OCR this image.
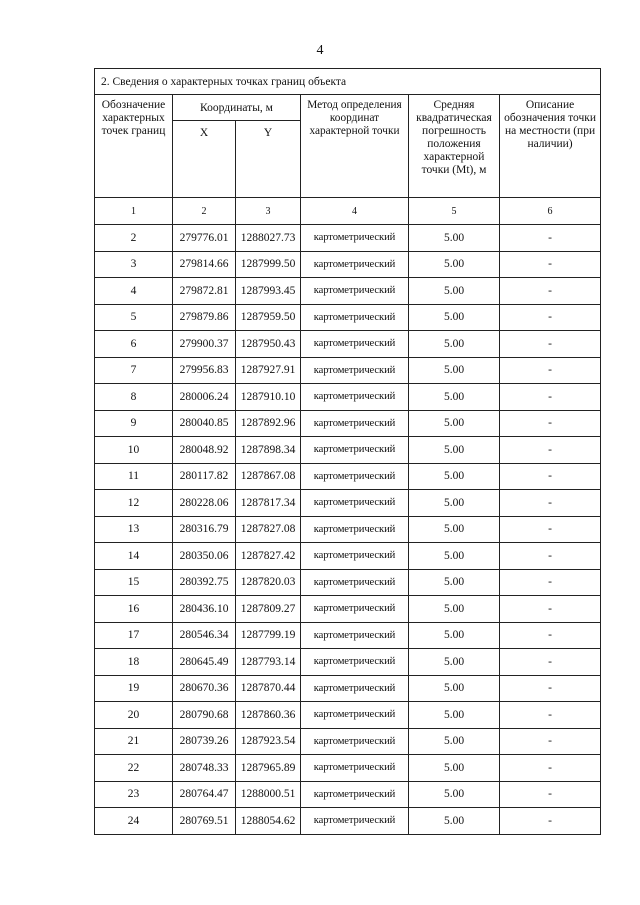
4
2. Сведения о характерных точках границ объекта					
Обозначение характерных точек границ	Координаты, м		Метод определения координат характерной точки	Средняя квадратическая погрешность положения характерной точки (Mt), м	Описание обозначения точки на местности (при наличии)
	X	Y			
1	2	3	4	5	6
2	279776.01	1288027.73	картометрический	5.00	-
3	279814.66	1287999.50	картометрический	5.00	-
4	279872.81	1287993.45	картометрический	5.00	-
5	279879.86	1287959.50	картометрический	5.00	-
6	279900.37	1287950.43	картометрический	5.00	-
7	279956.83	1287927.91	картометрический	5.00	-
8	280006.24	1287910.10	картометрический	5.00	-
9	280040.85	1287892.96	картометрический	5.00	-
10	280048.92	1287898.34	картометрический	5.00	-
11	280117.82	1287867.08	картометрический	5.00	-
12	280228.06	1287817.34	картометрический	5.00	-
13	280316.79	1287827.08	картометрический	5.00	-
14	280350.06	1287827.42	картометрический	5.00	-
15	280392.75	1287820.03	картометрический	5.00	-
16	280436.10	1287809.27	картометрический	5.00	-
17	280546.34	1287799.19	картометрический	5.00	-
18	280645.49	1287793.14	картометрический	5.00	-
19	280670.36	1287870.44	картометрический	5.00	-
20	280790.68	1287860.36	картометрический	5.00	-
21	280739.26	1287923.54	картометрический	5.00	-
22	280748.33	1287965.89	картометрический	5.00	-
23	280764.47	1288000.51	картометрический	5.00	-
24	280769.51	1288054.62	картометрический	5.00	-
